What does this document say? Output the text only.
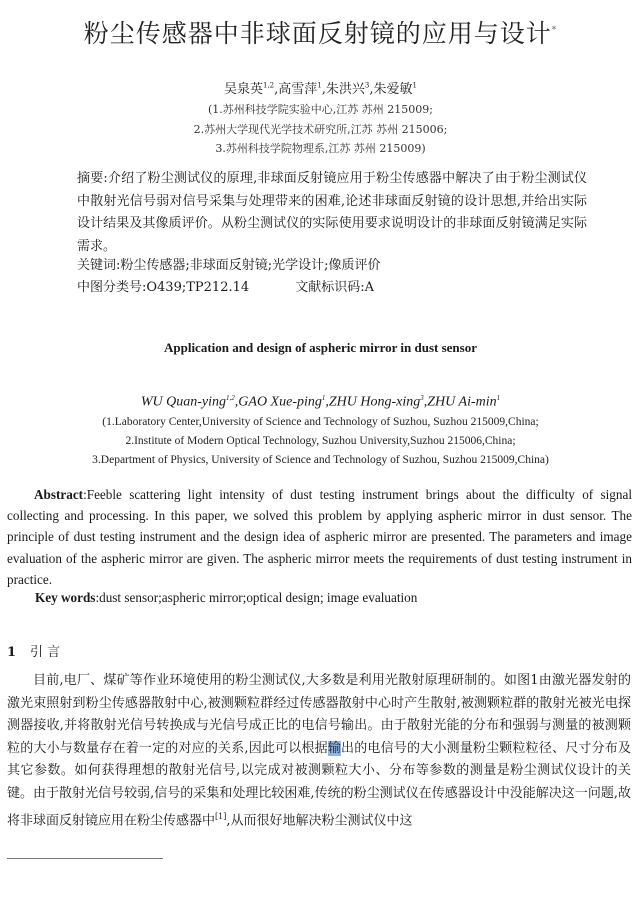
粉尘传感器中非球面反射镜的应用与设计*
吴泉英$^{1,2}$,高雪萍$^1$,朱洪兴$^3$,朱爱敏$^1$
(1.苏州科技学院实验中心,江苏 苏州 215009;
2.苏州大学现代光学技术研究所,江苏 苏州 215006;
3.苏州科技学院物理系,江苏 苏州 215009)
摘要:介绍了粉尘测试仪的原理,非球面反射镜应用于粉尘传感器中解决了由于粉尘测试仪中散射光信号弱对信号采集与处理带来的困难,论述非球面反射镜的设计思想,并给出实际设计结果及其像质评价。从粉尘测试仪的实际使用要求说明设计的非球面反射镜满足实际需求。
关键词:粉尘传感器;非球面反射镜;光学设计;像质评价
中图分类号:O439;TP212.14	文献标识码:A
Application and design of aspheric mirror in dust sensor
WU Quan-ying$^{1,2}$,GAO Xue-ping$^1$,ZHU Hong-xing$^3$,ZHU $Ai-\min^1$
(1.Laboratory Center,University of Science and Technology of Suzhou, Suzhou 215009,China;
2.Institute of Modern Optical Technology, Suzhou University,Suzhou 215006,China;
3.Department of Physics, University of Science and Technology of Suzhou, Suzhou 215009,China)
Abstract:Feeble scattering light intensity of dust testing instrument brings about the difficulty of signal collecting and processing. In this paper, we solved this problem by applying aspheric mirror in dust sensor. The principle of dust testing instrument and the design idea of aspheric mirror are presented. The parameters and image evaluation of the aspheric mirror are given. The aspheric mirror meets the requirements of dust testing instrument in practice.
Key words:dust sensor;aspheric mirror;optical design; image evaluation
1 引 言

目前,电厂、煤矿等作业环境使用的粉尘测试仪,大多数是利用光散射原理研制的。如图1由激光器发射的激光束照射到粉尘传感器散射中心,被测颗粒群经过传感器散射中心时产生散射,被测颗粒群的散射光被光电探测器接收,并将散射光信号转换成与光信号成正比的电信号输出。由于散射光能的分布和强弱与测量的被测颗粒的大小与数量存在着一定的对应的关系,因此可以根据输出的电信号的大小测量粉尘颗粒粒径、尺寸分布及其它参数。如何获得理想的散射光信号,以完成对被测颗粒大小、分布等参数的测量是粉尘测试仪设计的关键。由于散射光信号较弱,信号的采集和处理比较困难,传统的粉尘测试仪在传感器设计中没能解决这一问题,故将非球面反射镜应用在粉尘传感器中[1],从而很好地解决粉尘测试仪中这
